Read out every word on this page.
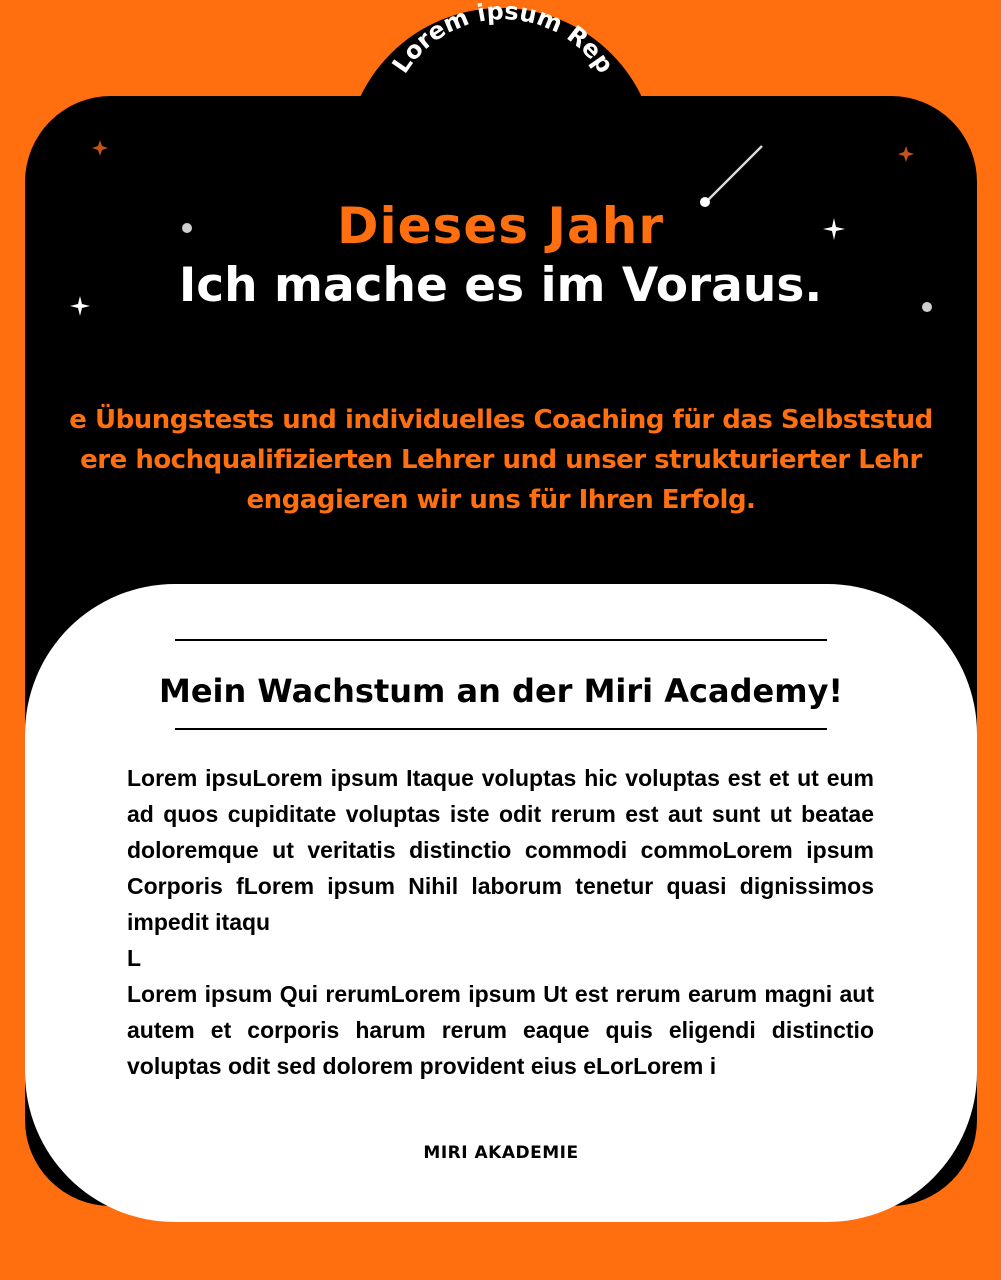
Lorem ipsum Rep
Dieses Jahr
Ich mache es im Voraus.
e Übungstests und individuelles Coaching für das Selbststud
ere hochqualifizierten Lehrer und unser strukturierter Lehr
engagieren wir uns für Ihren Erfolg.
Mein Wachstum an der Miri Academy!

Lorem ipsuLorem ipsum Itaque voluptas hic voluptas est et ut eum ad quos cupiditate voluptas iste odit rerum est aut sunt ut beatae doloremque ut veritatis distinctio commodi commoLorem ipsum Corporis fLorem ipsum Nihil laborum tenetur quasi dignissimos impedit itaqu

L

Lorem ipsum Qui rerumLorem ipsum Ut est rerum earum magni aut autem et corporis harum rerum eaque quis eligendi distinctio voluptas odit sed dolorem provident eius eLorLorem i

MIRI AKADEMIE
